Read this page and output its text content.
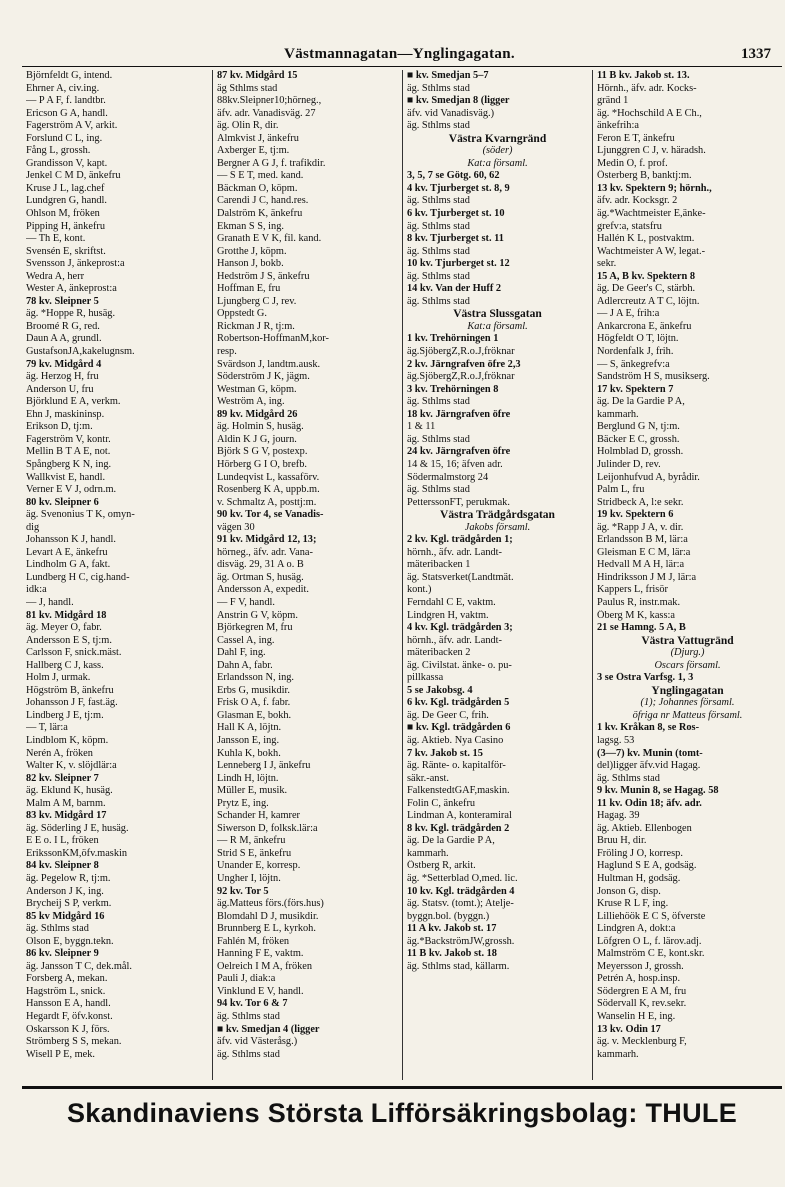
Västmannagatan—Ynglingagatan.	1337
Björnfeldt G, intend.
Ehrner A, civ.ing.
— P A F, f. landtbr.
Ericson G A, handl.
Fagerström A V, arkit.
Forslund C L, ing.
Fång L, grossh.
Grandisson V, kapt.
Jenkel C M D, änkefru
Kruse J L, lag.chef
Lundgren G, handl.
Ohlson M, fröken
Pipping H, änkefru
— Th E, kont.
Svensén E, skriftst.
Svensson J, änkeprost:a
Wedra A, herr
Wester A, änkeprost:a
78 kv. Sleipner 5
äg. *Hoppe R, husäg.
Broomé R G, red.
Daun A A, grundl.
GustafsonJA,kakelugnsm.
79 kv. Midgård 4
äg. Herzog H, fru
Anderson U, fru
Björklund E A, verkm.
Ehn J, maskininsp.
Erikson D, tj:m.
Fagerström V, kontr.
Mellin B T A E, not.
Spångberg K N, ing.
Wallkvist E, handl.
Verner E V J, odrn.m.
80 kv. Sleipner 6
äg. Svenonius T K, omyn-
dig
Johansson K J, handl.
Levart A E, änkefru
Lindholm G A, fakt.
Lundberg H C, cig.hand-
idk:a
— J, handl.
81 kv. Midgård 18
äg. Meyer O, fabr.
Andersson E S, tj:m.
Carlsson F, snick.mäst.
Hallberg C J, kass.
Holm J, urmak.
Högström B, änkefru
Johansson J F, fast.äg.
Lindberg J E, tj:m.
— T, lär:a
Lindblom K, köpm.
Nerén A, fröken
Walter K, v. slöjdlär:a
82 kv. Sleipner 7
äg. Eklund K, husäg.
Malm A M, barnm.
83 kv. Midgård 17
äg. Söderling J E, husäg.
E E o. I L, fröken
ErikssonKM,öfv.maskin
84 kv. Sleipner 8
äg. Pegelow R, tj:m.
Anderson J K, ing.
Brycheij S P, verkm.
85 kv Midgård 16
äg. Sthlms stad
Olson E, byggn.tekn.
86 kv. Sleipner 9
äg. Jansson T C, dek.mål.
Forsberg A, mekan.
Hagström L, snick.
Hansson E A, handl.
Hegardt F, öfv.konst.
Oskarsson K J, förs.
Strömberg S S, mekan.
Wisell P E, mek.
87 kv. Midgård 15
äg Sthlms stad
88kv.Sleipner10;hörneg.,
äfv. adr. Vanadisväg. 27
äg. Olin R, dir.
Almkvist J, änkefru
Axberger E, tj:m.
Bergner A G J, f. trafikdir.
— S E T, med. kand.
Bäckman O, köpm.
Carendi J C, hand.res.
Dalström K, änkefru
Ekman S S, ing.
Granath E V K, fil. kand.
Grotthe J, köpm.
Hanson J, bokb.
Hedström J S, änkefru
Hoffman E, fru
Ljungberg C J, rev.
Oppstedt G.
Rickman J R, tj:m.
Robertson-HoffmanM,kor-
resp.
Svärdson J, landtm.ausk.
Söderström J K, jägm.
Westman G, köpm.
Weström A, ing.
89 kv. Midgård 26
äg. Holmin S, husäg.
Aldin K J G, journ.
Björk S G V, postexp.
Hörberg G I O, brefb.
Lundeqvist L, kassaförv.
Rosenberg K A, uppb.m.
v. Schmaltz A, posttj:m.
90 kv. Tor 4, se Vanadis-
vägen 30
91 kv. Midgård 12, 13;
hörneg., äfv. adr. Vana-
disväg. 29, 31 A o. B
äg. Ortman S, husäg.
Andersson A, expedit.
— F V, handl.
Anstrin G V, köpm.
Björkegren M, fru
Cassel A, ing.
Dahl F, ing.
Dahn A, fabr.
Erlandsson N, ing.
Erbs G, musikdir.
Frisk O A, f. fabr.
Glasman E, bokh.
Hall K A, löjtn.
Jansson E, ing.
Kuhla K, bokh.
Lenneberg I J, änkefru
Lindh H, löjtn.
Müller E, musik.
Prytz E, ing.
Schander H, kamrer
Siwerson D, folksk.lär:a
— R M, änkefru
Strid S E, änkefru
Unander E, korresp.
Ungher I, löjtn.
92 kv. Tor 5
äg.Matteus förs.(förs.hus)
Blomdahl D J, musikdir.
Brunnberg E L, kyrkoh.
Fahlén M, fröken
Hanning F E, vaktm.
Oelreich I M A, fröken
Pauli J, diak:a
Vinklund E V, handl.
94 kv. Tor 6 & 7
äg. Sthlms stad
■ kv. Smedjan 4 (ligger
äfv. vid Västeråsg.)
äg. Sthlms stad
■ kv. Smedjan 5–7
äg. Sthlms stad
■ kv. Smedjan 8 (ligger
äfv. vid Vanadisväg.)
äg. Sthlms stad
Västra Kvarngränd
(söder)
Kat:a församl.
3, 5, 7 se Götg. 60, 62
4 kv. Tjurberget st. 8, 9
äg. Sthlms stad
6 kv. Tjurberget st. 10
äg. Sthlms stad
8 kv. Tjurberget st. 11
äg. Sthlms stad
10 kv. Tjurberget st. 12
äg. Sthlms stad
14 kv. Van der Huff 2
äg. Sthlms stad
Västra Slussgatan
Kat:a församl.
1 kv. Trehörningen 1
äg.SjöbergZ,R.o.J,fröknar
2 kv. Järngrafven öfre 2,3
äg.SjöbergZ,R.o.J,fröknar
3 kv. Trehörningen 8
äg. Sthlms stad
18 kv. Järngrafven öfre
1 & 11
äg. Sthlms stad
24 kv. Järngrafven öfre
14 & 15, 16; äfven adr.
Södermalmstorg 24
äg. Sthlms stad
PetterssonFT, perukmak.
Västra Trädgårdsgatan
Jakobs församl.
2 kv. Kgl. trädgården 1;
hörnh., äfv. adr. Landt-
mäteribacken 1
äg. Statsverket(Landtmät.
kont.)
Ferndahl C E, vaktm.
Lindgren H, vaktm.
4 kv. Kgl. trädgården 3;
hörnh., äfv. adr. Landt-
mäteribacken 2
äg. Civilstat. änke- o. pu-
pillkassa
5 se Jakobsg. 4
6 kv. Kgl. trädgården 5
äg. De Geer C, frih.
■ kv. Kgl. trädgården 6
äg. Aktieb. Nya Casino
7 kv. Jakob st. 15
äg. Ränte- o. kapitalför-
säkr.-anst.
FalkenstedtGAF,maskin.
Folin C, änkefru
Lindman A, konteramiral
8 kv. Kgl. trädgården 2
äg. De la Gardie P A,
kammarh.
Östberg R, arkit.
äg. *Setterblad O,med. lic.
10 kv. Kgl. trädgården 4
äg. Statsv. (tomt.); Atelje-
byggn.bol. (byggn.)
11 A kv. Jakob st. 17
äg.*BackströmJW,grossh.
11 B kv. Jakob st. 18
äg. Sthlms stad, källarm.
11 B kv. Jakob st. 13.
Hörnh., äfv. adr. Kocks-
gränd 1
äg. *Hochschild A E Ch.,
änkefrih:a
Feron E T, änkefru
Ljunggren C J, v. häradsh.
Medin O, f. prof.
Österberg B, banktj:m.
13 kv. Spektern 9; hörnh.,
äfv. adr. Kocksgr. 2
äg.*Wachtmeister E,änke-
grefv:a, statsfru
Hallén K L, postvaktm.
Wachtmeister A W, legat.-
sekr.
15 A, B kv. Spektern 8
äg. De Geer's C, stärbh.
Adlercreutz A T C, löjtn.
— J A E, frih:a
Ankarcrona E, änkefru
Högfeldt O T, löjtn.
Nordenfalk J, frih.
— S, änkegrefv:a
Sandström H S, musikserg.
17 kv. Spektern 7
äg. De la Gardie P A,
kammarh.
Berglund G N, tj:m.
Bäcker E C, grossh.
Holmblad D, grossh.
Julinder D, rev.
Leijonhufvud A, byrådir.
Palm L, fru
Stridbeck A, l:e sekr.
19 kv. Spektern 6
äg. *Rapp J A, v. dir.
Erlandsson B M, lär:a
Gleisman E C M, lär:a
Hedvall M A H, lär:a
Hindriksson J M J, lär:a
Kappers L, frisör
Paulus R, instr.mak.
Öberg M K, kass:a
21 se Hamng. 5 A, B
Västra Vattugränd
(Djurg.)
Oscars församl.
3 se Östra Varfsg. 1, 3
Ynglingagatan
(1); Johannes församl.
öfriga nr Matteus församl.
1 kv. Kråkan 8, se Ros-
lagsg. 53
(3—7) kv. Munin (tomt-
del)ligger äfv.vid Hagag.
äg. Sthlms stad
9 kv. Munin 8, se Hagag. 58
11 kv. Odin 18; äfv. adr.
Hagag. 39
äg. Aktieb. Ellenbogen
Bruu H, dir.
Fröling J O, korresp.
Haglund S E A, godsäg.
Hultman H, godsäg.
Jonson G, disp.
Kruse R L F, ing.
Lilliehöök E C S, öfverste
Lindgren A, dokt:a
Löfgren O L, f. lärov.adj.
Malmström C E, kont.skr.
Meyersson J, grossh.
Petrén A, hosp.insp.
Södergren E A M, fru
Södervall K, rev.sekr.
Wanselin H E, ing.
13 kv. Odin 17
äg. v. Mecklenburg F,
kammarh.
Skandinaviens Största Lifförsäkringsbolag: THULE
